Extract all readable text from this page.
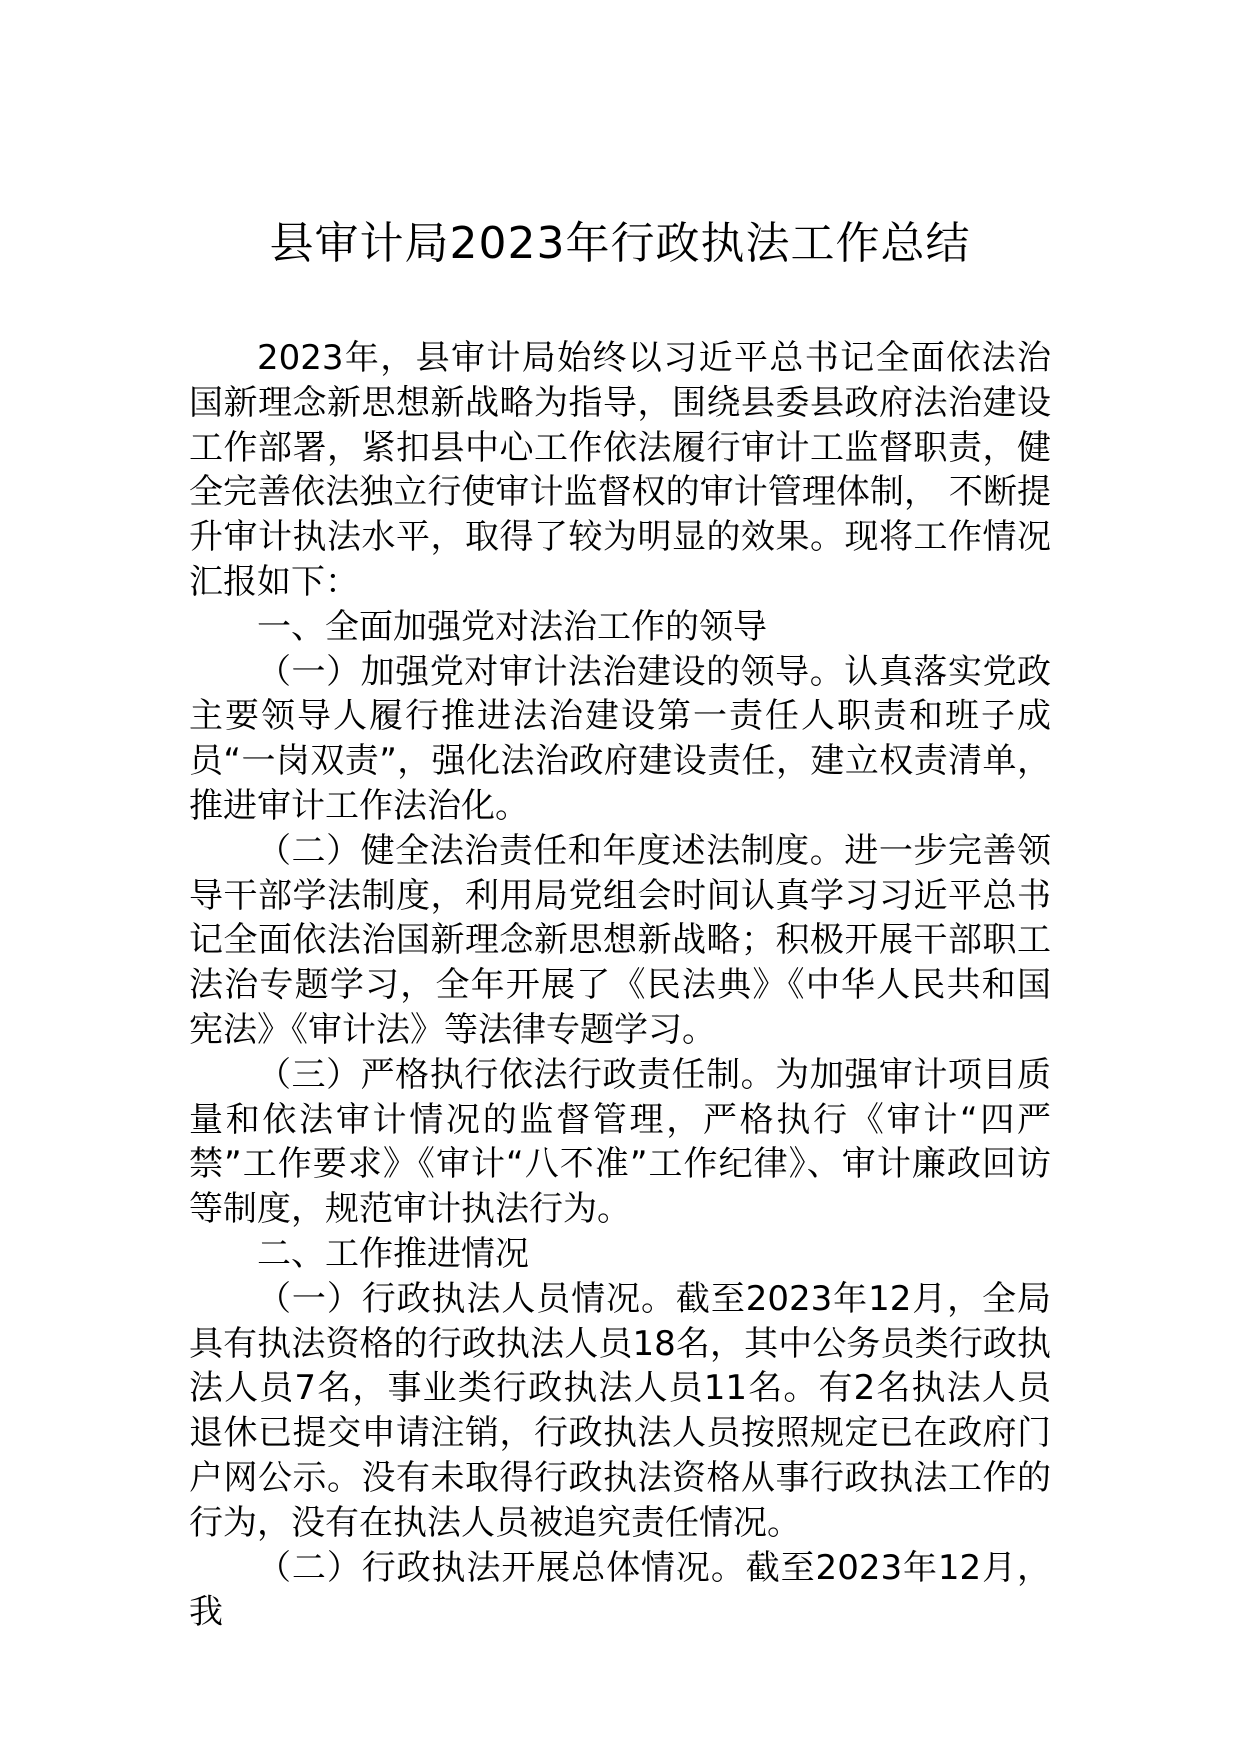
县审计局2023年行政执法工作总结

2023年，县审计局始终以习近平总书记全面依法治国新理念新思想新战略为指导，围绕县委县政府法治建设工作部署，紧扣县中心工作依法履行审计工监督职责，健全完善依法独立行使审计监督权的审计管理体制， 不断提升审计执法水平，取得了较为明显的效果。现将工作情况汇报如下：

一、全面加强党对法治工作的领导

（一）加强党对审计法治建设的领导。认真落实党政主要领导人履行推进法治建设第一责任人职责和班子成员“一岗双责”，强化法治政府建设责任，建立权责清单，推进审计工作法治化。

（二）健全法治责任和年度述法制度。进一步完善领导干部学法制度，利用局党组会时间认真学习习近平总书记全面依法治国新理念新思想新战略；积极开展干部职工法治专题学习，全年开展了《民法典》《中华人民共和国宪法》《审计法》等法律专题学习。

（三）严格执行依法行政责任制。为加强审计项目质量和依法审计情况的监督管理，严格执行《审计“四严禁”工作要求》《审计“八不准”工作纪律》、审计廉政回访等制度，规范审计执法行为。

二、工作推进情况

（一）行政执法人员情况。截至2023年12月，全局具有执法资格的行政执法人员18名，其中公务员类行政执法人员7名，事业类行政执法人员11名。有2名执法人员退休已提交申请注销，行政执法人员按照规定已在政府门户网公示。没有未取得行政执法资格从事行政执法工作的行为，没有在执法人员被追究责任情况。

（二）行政执法开展总体情况。截至2023年12月，我
